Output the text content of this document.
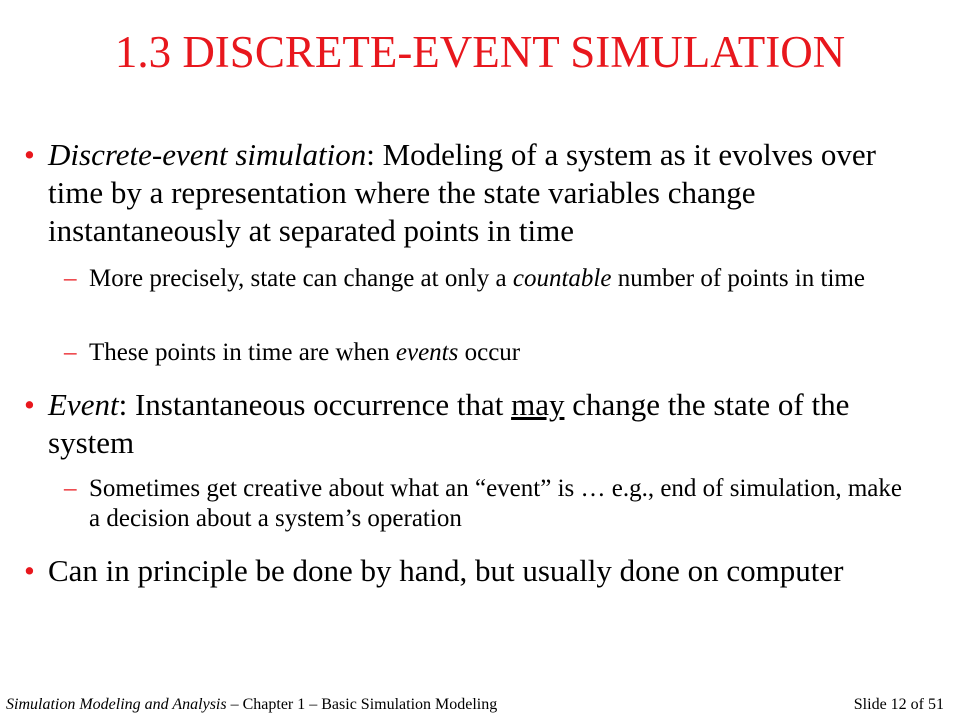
1.3 DISCRETE-EVENT SIMULATION
• Discrete-event simulation: Modeling of a system as it evolves over time by a representation where the state variables change instantaneously at separated points in time
– More precisely, state can change at only a countable number of points in time
– These points in time are when events occur
• Event: Instantaneous occurrence that may change the state of the system
– Sometimes get creative about what an “event” is … e.g., end of simulation, make a decision about a system’s operation
• Can in principle be done by hand, but usually done on computer
Simulation Modeling and Analysis – Chapter 1 – Basic Simulation Modeling	Slide 12 of 51
